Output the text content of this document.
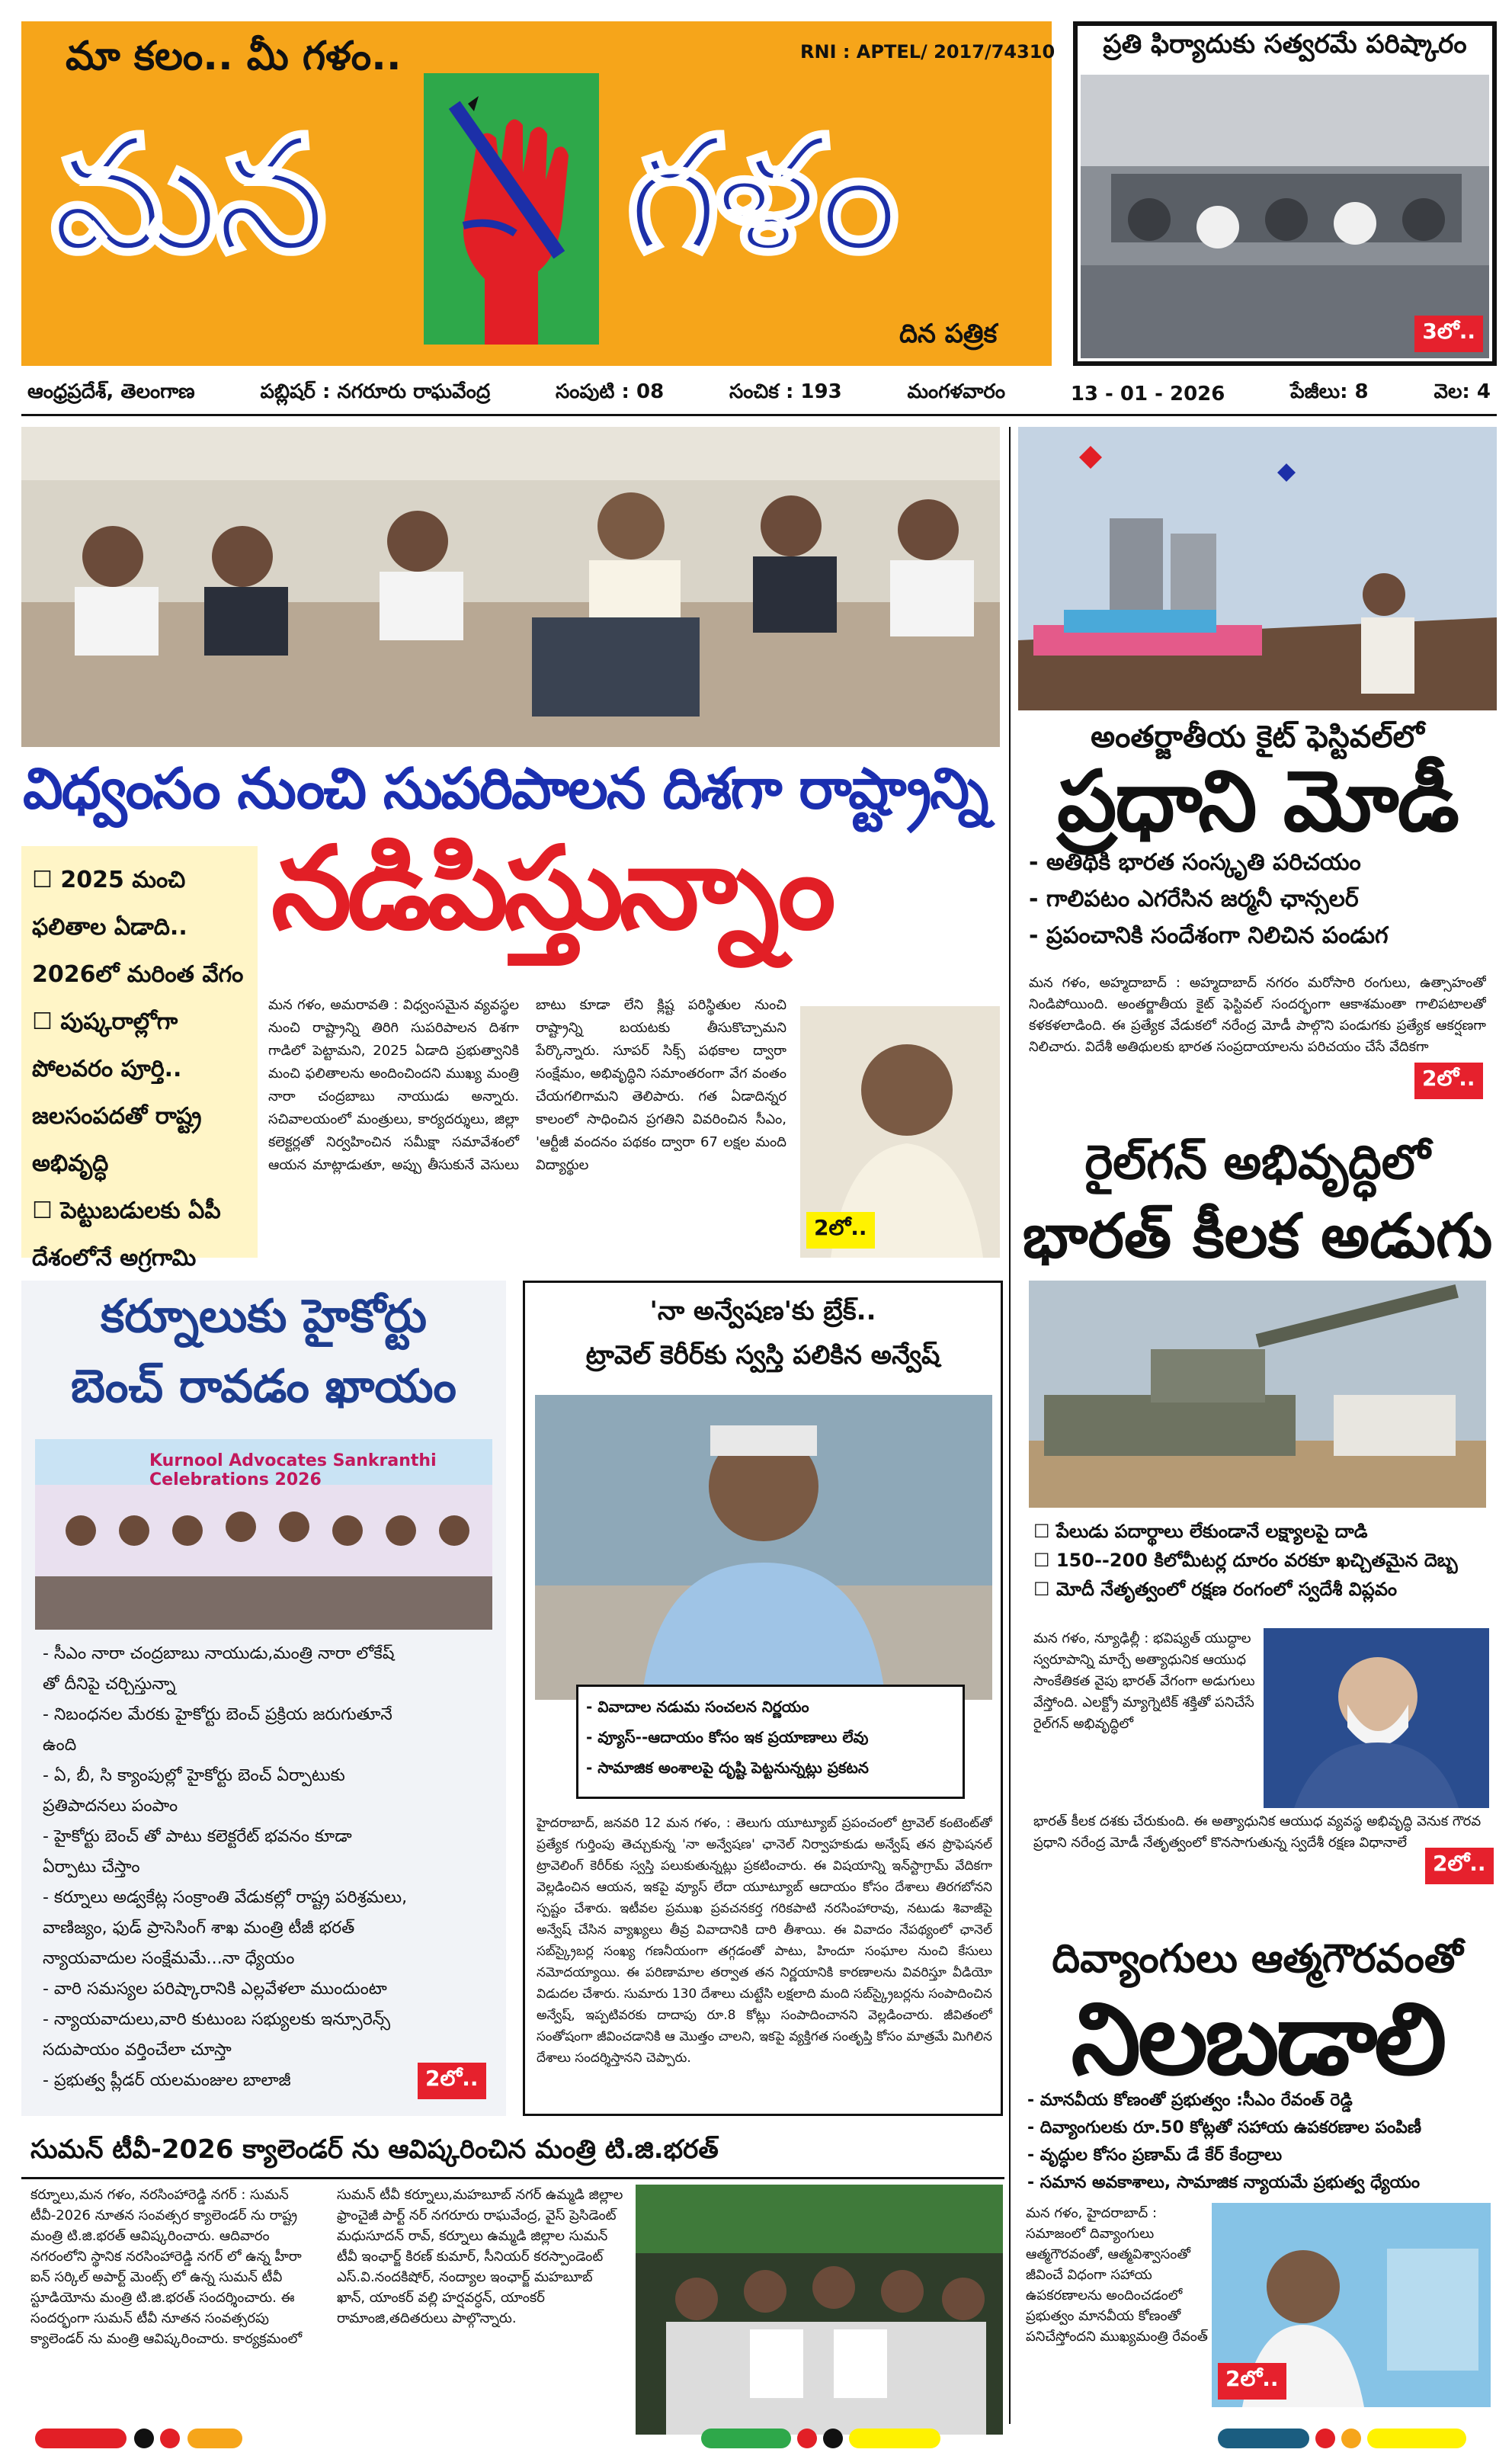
మా కలం.. మీ గళం..	RNI : APTEL/ 2017/74310
మన గళం
దిన పత్రిక
ప్రతి ఫిర్యాదుకు సత్వరమే పరిష్కారం
3లో..
ఆంధ్రప్రదేశ్, తెలంగాణ	పబ్లిషర్ : నగరూరు రాఘవేంద్ర	సంపుటి : 08	సంచిక : 193	మంగళవారం	13 - 01 - 2026	పేజీలు: 8	వెల: 4
విధ్వంసం నుంచి సుపరిపాలన దిశగా రాష్ట్రాన్ని
నడిపిస్తున్నాం

☐ 2025 మంచి

ఫలితాల ఏడాది..

2026లో మరింత వేగం

☐ పుష్కరాల్లోగా

పోలవరం పూర్తి..

జలసంపదతో రాష్ట్ర

అభివృద్ధి

☐ పెట్టుబడులకు ఏపీ

దేశంలోనే అగ్రగామి

మన గళం, అమరావతి : విధ్వంసమైన వ్యవస్థల నుంచి రాష్ట్రాన్ని తిరిగి సుపరిపాలన దిశగా గాడిలో పెట్టామని, 2025 ఏడాది ప్రభుత్వానికి మంచి ఫలితాలను అందించిందని ముఖ్య మంత్రి నారా చంద్రబాబు నాయుడు అన్నారు. సచివాలయంలో మంత్రులు, కార్యదర్శులు, జిల్లా కలెక్టర్లతో నిర్వహించిన సమీక్షా సమావేశంలో ఆయన మాట్లాడుతూ, అప్పు తీసుకునే వెసులు బాటు కూడా లేని క్లిష్ట పరిస్థితుల నుంచి రాష్ట్రాన్ని బయటకు తీసుకొచ్చామని పేర్కొన్నారు. సూపర్ సిక్స్ పథకాల ద్వారా సంక్షేమం, అభివృద్ధిని సమాంతరంగా వేగ వంతం చేయగలిగామని తెలిపారు. గత ఏడాదిన్నర కాలంలో సాధించిన ప్రగతిని వివరించిన సీఎం, 'ఆర్టీజీ వందనం పథకం ద్వారా 67 లక్షల మంది విద్యార్థుల
2లో..
అంతర్జాతీయ కైట్ ఫెస్టివల్‌లో
ప్రధాని మోడీ
- అతిథికి భారత సంస్కృతి పరిచయం
- గాలిపటం ఎగరేసిన జర్మనీ ఛాన్సలర్
- ప్రపంచానికి సందేశంగా నిలిచిన పండుగ
మన గళం, అహ్మదాబాద్ : అహ్మదాబాద్ నగరం మరోసారి రంగులు, ఉత్సాహంతో నిండిపోయింది. అంతర్జాతీయ కైట్ ఫెస్టివల్ సందర్భంగా ఆకాశమంతా గాలిపటాలతో కళకళలాడింది. ఈ ప్రత్యేక వేడుకలో నరేంద్ర మోడీ పాల్గొని పండుగకు ప్రత్యేక ఆకర్షణగా నిలిచారు. విదేశీ అతిథులకు భారత సంప్రదాయాలను పరిచయం చేసే వేదికగా
2లో..
రైల్‌గన్ అభివృద్ధిలో
భారత్ కీలక అడుగు
☐ పేలుడు పదార్థాలు లేకుండానే లక్ష్యాలపై దాడి
☐ 150--200 కిలోమీటర్ల దూరం వరకూ ఖచ్చితమైన దెబ్బ
☐ మోదీ నేతృత్వంలో రక్షణ రంగంలో స్వదేశీ విప్లవం
మన గళం, న్యూఢిల్లీ : భవిష్యత్ యుద్ధాల స్వరూపాన్ని మార్చే అత్యాధునిక ఆయుధ సాంకేతికత వైపు భారత్ వేగంగా అడుగులు వేస్తోంది. ఎలక్ట్రో మ్యాగ్నెటిక్ శక్తితో పనిచేసే రైల్‌గన్ అభివృద్ధిలో
భారత్ కీలక దశకు చేరుకుంది. ఈ అత్యాధునిక ఆయుధ వ్యవస్థ అభివృద్ధి వెనుక గౌరవ ప్రధాని నరేంద్ర మోడీ నేతృత్వంలో కొనసాగుతున్న స్వదేశీ రక్షణ విధానాలే
2లో..
దివ్యాంగులు ఆత్మగౌరవంతో
నిలబడాలి
- మానవీయ కోణంతో ప్రభుత్వం :సీఎం రేవంత్ రెడ్డి
- దివ్యాంగులకు రూ.50 కోట్లతో సహాయ ఉపకరణాల పంపిణీ
- వృద్ధుల కోసం ప్రణామ్ డే కేర్ కేంద్రాలు
- సమాన అవకాశాలు, సామాజిక న్యాయమే ప్రభుత్వ ధ్యేయం
మన గళం, హైదరాబాద్ : సమాజంలో దివ్యాంగులు ఆత్మగౌరవంతో, ఆత్మవిశ్వాసంతో జీవించే విధంగా సహాయ ఉపకరణాలను అందించడంలో ప్రభుత్వం మానవీయ కోణంతో పనిచేస్తోందని ముఖ్యమంత్రి రేవంత్
2లో..
కర్నూలుకు హైకోర్టు
బెంచ్ రావడం ఖాయం
Kurnool Advocates Sankranthi Celebrations 2026
- సీఎం నారా చంద్రబాబు నాయుడు,మంత్రి నారా లోకేష్
తో దీనిపై చర్చిస్తున్నా
- నిబంధనల మేరకు హైకోర్టు బెంచ్ ప్రక్రియ జరుగుతూనే
ఉంది
- ఏ, బీ, సి క్యాంపుల్లో హైకోర్టు బెంచ్ ఏర్పాటుకు
ప్రతిపాదనలు పంపాం
- హైకోర్టు బెంచ్ తో పాటు కలెక్టరేట్ భవనం కూడా
ఏర్పాటు చేస్తాం
- కర్నూలు అడ్వకేట్ల సంక్రాంతి వేడుకల్లో రాష్ట్ర పరిశ్రమలు,
వాణిజ్యం, ఫుడ్ ప్రాసెసింగ్ శాఖ మంత్రి టీజీ భరత్
న్యాయవాదుల సంక్షేమమే...నా ధ్యేయం
- వారి సమస్యల పరిష్కారానికి ఎల్లవేళలా ముందుంటా
- న్యాయవాదులు,వారి కుటుంబ సభ్యులకు ఇన్సూరెన్స్
సదుపాయం వర్తించేలా చూస్తా
- ప్రభుత్వ ప్లీడర్ యలమంజుల బాలాజీ	2లో..
'నా అన్వేషణ'కు బ్రేక్..
ట్రావెల్ కెరీర్‌కు స్వస్తి పలికిన అన్వేష్
- వివాదాల నడుమ సంచలన నిర్ణయం
- వ్యూస్--ఆదాయం కోసం ఇక ప్రయాణాలు లేవు
- సామాజిక అంశాలపై దృష్టి పెట్టనున్నట్లు ప్రకటన
హైదరాబాద్, జనవరి 12 మన గళం, : తెలుగు యూట్యూబ్ ప్రపంచంలో ట్రావెల్ కంటెంట్‌తో ప్రత్యేక గుర్తింపు తెచ్చుకున్న 'నా అన్వేషణ' ఛానెల్ నిర్వాహకుడు అన్వేష్ తన ప్రొఫెషనల్ ట్రావెలింగ్ కెరీర్‌కు స్వస్తి పలుకుతున్నట్లు ప్రకటించారు. ఈ విషయాన్ని ఇన్‌స్టాగ్రామ్ వేదికగా వెల్లడించిన ఆయన, ఇకపై వ్యూస్ లేదా యూట్యూబ్ ఆదాయం కోసం దేశాలు తిరగబోనని స్పష్టం చేశారు. ఇటీవల ప్రముఖ ప్రవచనకర్త గరికపాటి నరసింహారావు, నటుడు శివాజీపై అన్వేష్ చేసిన వ్యాఖ్యలు తీవ్ర వివాదానికి దారి తీశాయి. ఈ వివాదం నేపథ్యంలో ఛానెల్ సబ్‌స్క్రైబర్ల సంఖ్య గణనీయంగా తగ్గడంతో పాటు, హిందూ సంఘాల నుంచి కేసులు నమోదయ్యాయి. ఈ పరిణామాల తర్వాత తన నిర్ణయానికి కారణాలను వివరిస్తూ వీడియో విడుదల చేశారు. సుమారు 130 దేశాలు చుట్టేసి లక్షలాది మంది సబ్‌స్క్రైబర్లను సంపాదించిన అన్వేష్, ఇప్పటివరకు దాదాపు రూ.8 కోట్లు సంపాదించానని వెల్లడించారు. జీవితంలో సంతోషంగా జీవించడానికి ఆ మొత్తం చాలని, ఇకపై వ్యక్తిగత సంతృప్తి కోసం మాత్రమే మిగిలిన దేశాలు సందర్శిస్తానని చెప్పారు.
సుమన్ టీవీ-2026 క్యాలెండర్ ను ఆవిష్కరించిన మంత్రి టి.జి.భరత్
కర్నూలు,మన గళం, నరసింహారెడ్డి నగర్ : సుమన్ టీవీ-2026 నూతన సంవత్సర క్యాలెండర్ ను రాష్ట్ర మంత్రి టి.జి.భరత్ ఆవిష్కరించారు. ఆదివారం నగరంలోని స్థానిక నరసింహారెడ్డి నగర్ లో ఉన్న హీరా ఐన్ సర్కిల్ అపార్ట్ మెంట్స్ లో ఉన్న సుమన్ టీవీ స్టూడియోను మంత్రి టి.జి.భరత్ సందర్శించారు. ఈ సందర్భంగా సుమన్ టీవీ నూతన సంవత్సరపు క్యాలెండర్ ను మంత్రి ఆవిష్కరించారు. కార్యక్రమంలో సుమన్ టీవీ కర్నూలు,మహబూబ్ నగర్ ఉమ్మడి జిల్లాల ఫ్రాంచైజీ పార్ట్ నర్ నగరూరు రాఘవేంద్ర, వైస్ ప్రెసిడెంట్ మధుసూదన్ రావ్, కర్నూలు ఉమ్మడి జిల్లాల సుమన్ టీవీ ఇంఛార్జ్ కిరణ్ కుమార్, సీనియర్ కరస్పాండెంట్ ఎస్.వి.నందకిషోర్, నంద్యాల ఇంఛార్జ్ మహబూబ్ ఖాన్, యాంకర్ వల్లి హర్షవర్ధన్, యాంకర్ రామాంజి,తదితరులు పాల్గొన్నారు.
